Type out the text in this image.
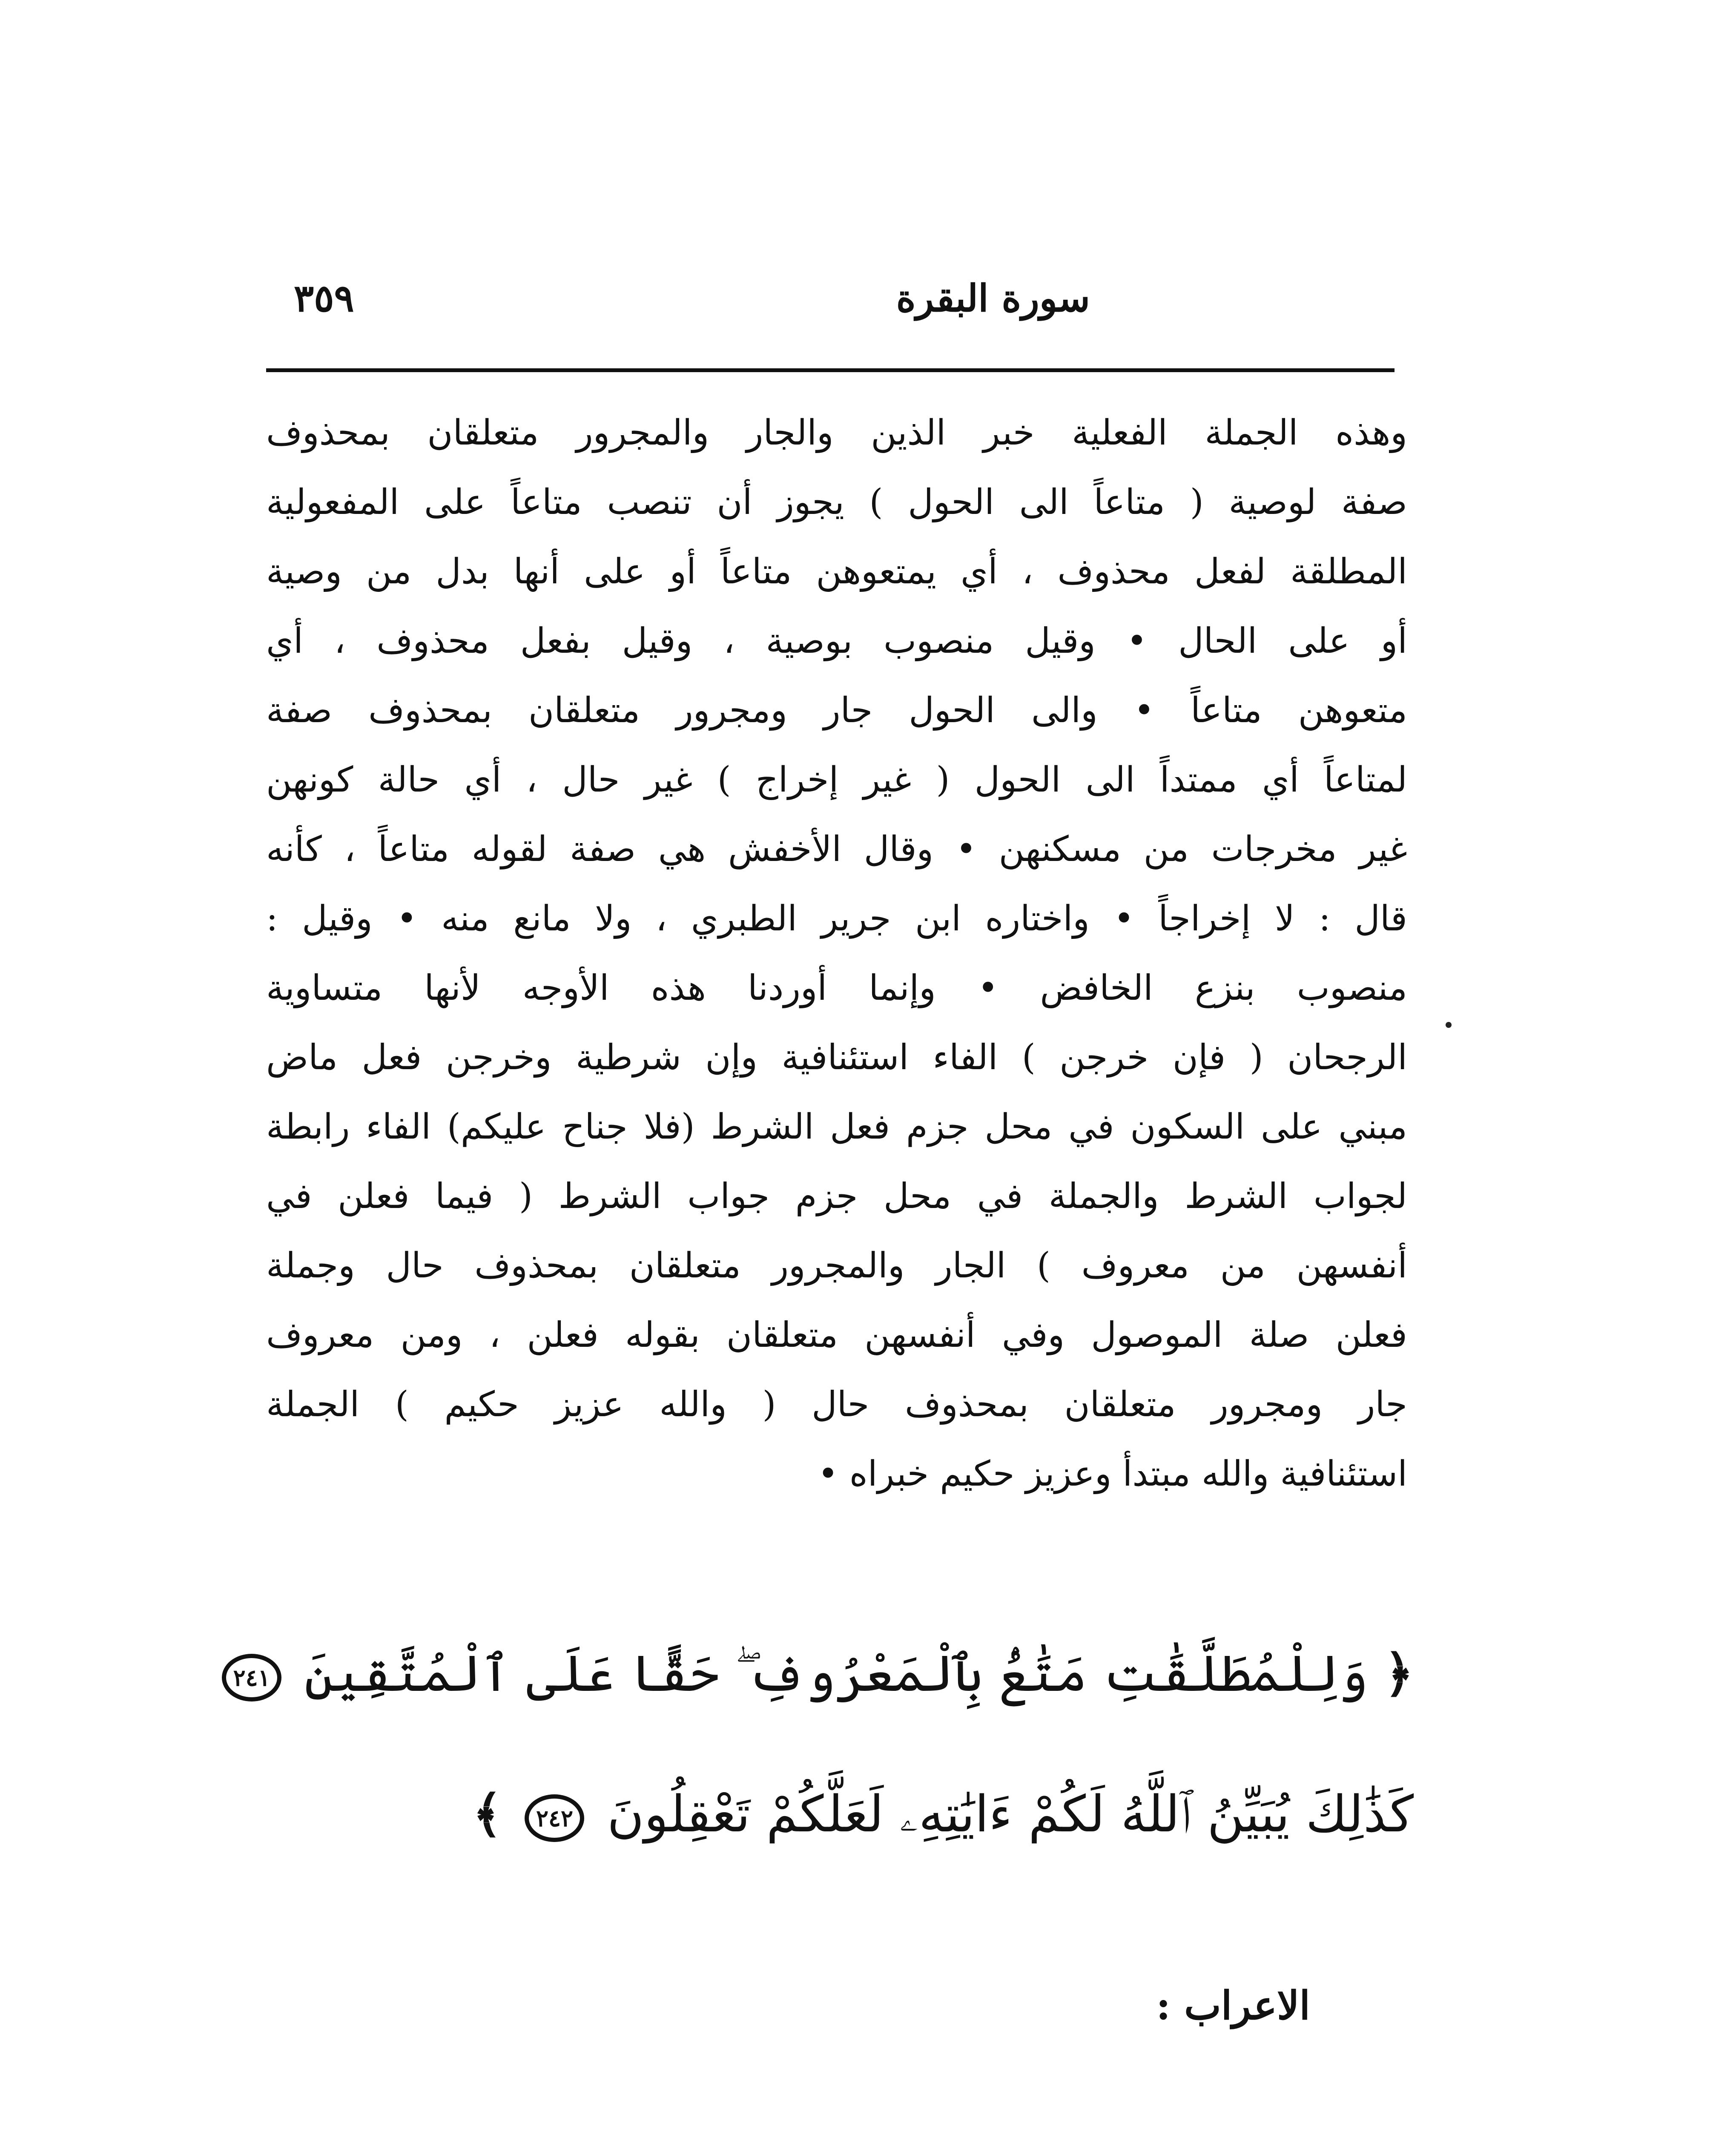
سورة البقرة
٣٥٩
وهذه الجملة الفعلية خبر الذين والجار والمجرور متعلقان بمحذوف
صفة لوصية ( متاعاً الى الحول ) يجوز أن تنصب متاعاً على المفعولية
المطلقة لفعل محذوف ، أي يمتعوهن متاعاً أو على أنها بدل من وصية
أو على الحال • وقيل منصوب بوصية ، وقيل بفعل محذوف ، أي
متعوهن متاعاً • والى الحول جار ومجرور متعلقان بمحذوف صفة
لمتاعاً أي ممتداً الى الحول ( غير إخراج ) غير حال ، أي حالة كونهن
غير مخرجات من مسكنهن • وقال الأخفش هي صفة لقوله متاعاً ، كأنه
قال : لا إخراجاً • واختاره ابن جرير الطبري ، ولا مانع منه • وقيل :
منصوب بنزع الخافض • وإنما أوردنا هذه الأوجه لأنها متساوية
الرجحان ( فإن خرجن ) الفاء استئنافية وإن شرطية وخرجن فعل ماض
مبني على السكون في محل جزم فعل الشرط (فلا جناح عليكم) الفاء رابطة
لجواب الشرط والجملة في محل جزم جواب الشرط ( فيما فعلن في
أنفسهن من معروف ) الجار والمجرور متعلقان بمحذوف حال وجملة
فعلن صلة الموصول وفي أنفسهن متعلقان بقوله فعلن ، ومن معروف
جار ومجرور متعلقان بمحذوف حال ( والله عزيز حكيم ) الجملة
استئنافية والله مبتدأ وعزيز حكيم خبراه •
﴿ وَلِلْمُطَلَّقَٰتِ مَتَٰعُۢ بِٱلْمَعْرُوفِ ۖ حَقًّا عَلَى ٱلْمُتَّقِينَ ٢٤١
كَذَٰلِكَ يُبَيِّنُ ٱللَّهُ لَكُمْ ءَايَٰتِهِۦ لَعَلَّكُمْ تَعْقِلُونَ ٢٤٢ ﴾
الاعراب :
